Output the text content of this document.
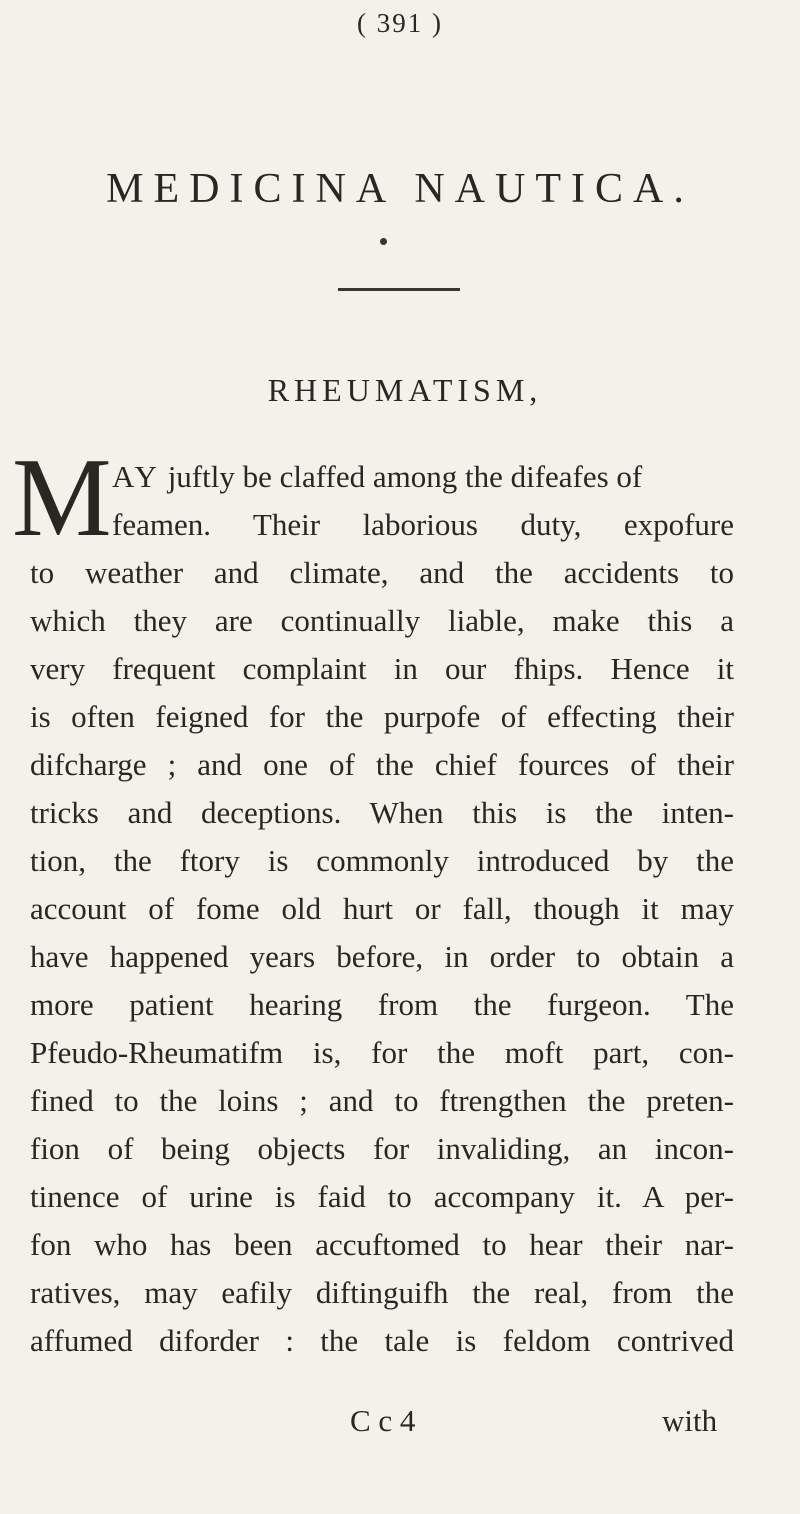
( 391 )
MEDICINA NAUTICA.
RHEUMATISM,
M AY juftly be claffed among the difeafes of
feamen. Their laborious duty, expofure
to weather and climate, and the accidents to
which they are continually liable, make this a
very frequent complaint in our fhips. Hence it
is often feigned for the purpofe of effecting their
difcharge ; and one of the chief fources of their
tricks and deceptions. When this is the inten-
tion, the ftory is commonly introduced by the
account of fome old hurt or fall, though it may
have happened years before, in order to obtain a
more patient hearing from the furgeon. The
Pfeudo-Rheumatifm is, for the moft part, con-
fined to the loins ; and to ftrengthen the preten-
fion of being objects for invaliding, an incon-
tinence of urine is faid to accompany it. A per-
fon who has been accuftomed to hear their nar-
ratives, may eafily diftinguifh the real, from the
affumed diforder : the tale is feldom contrived
C c 4	with
